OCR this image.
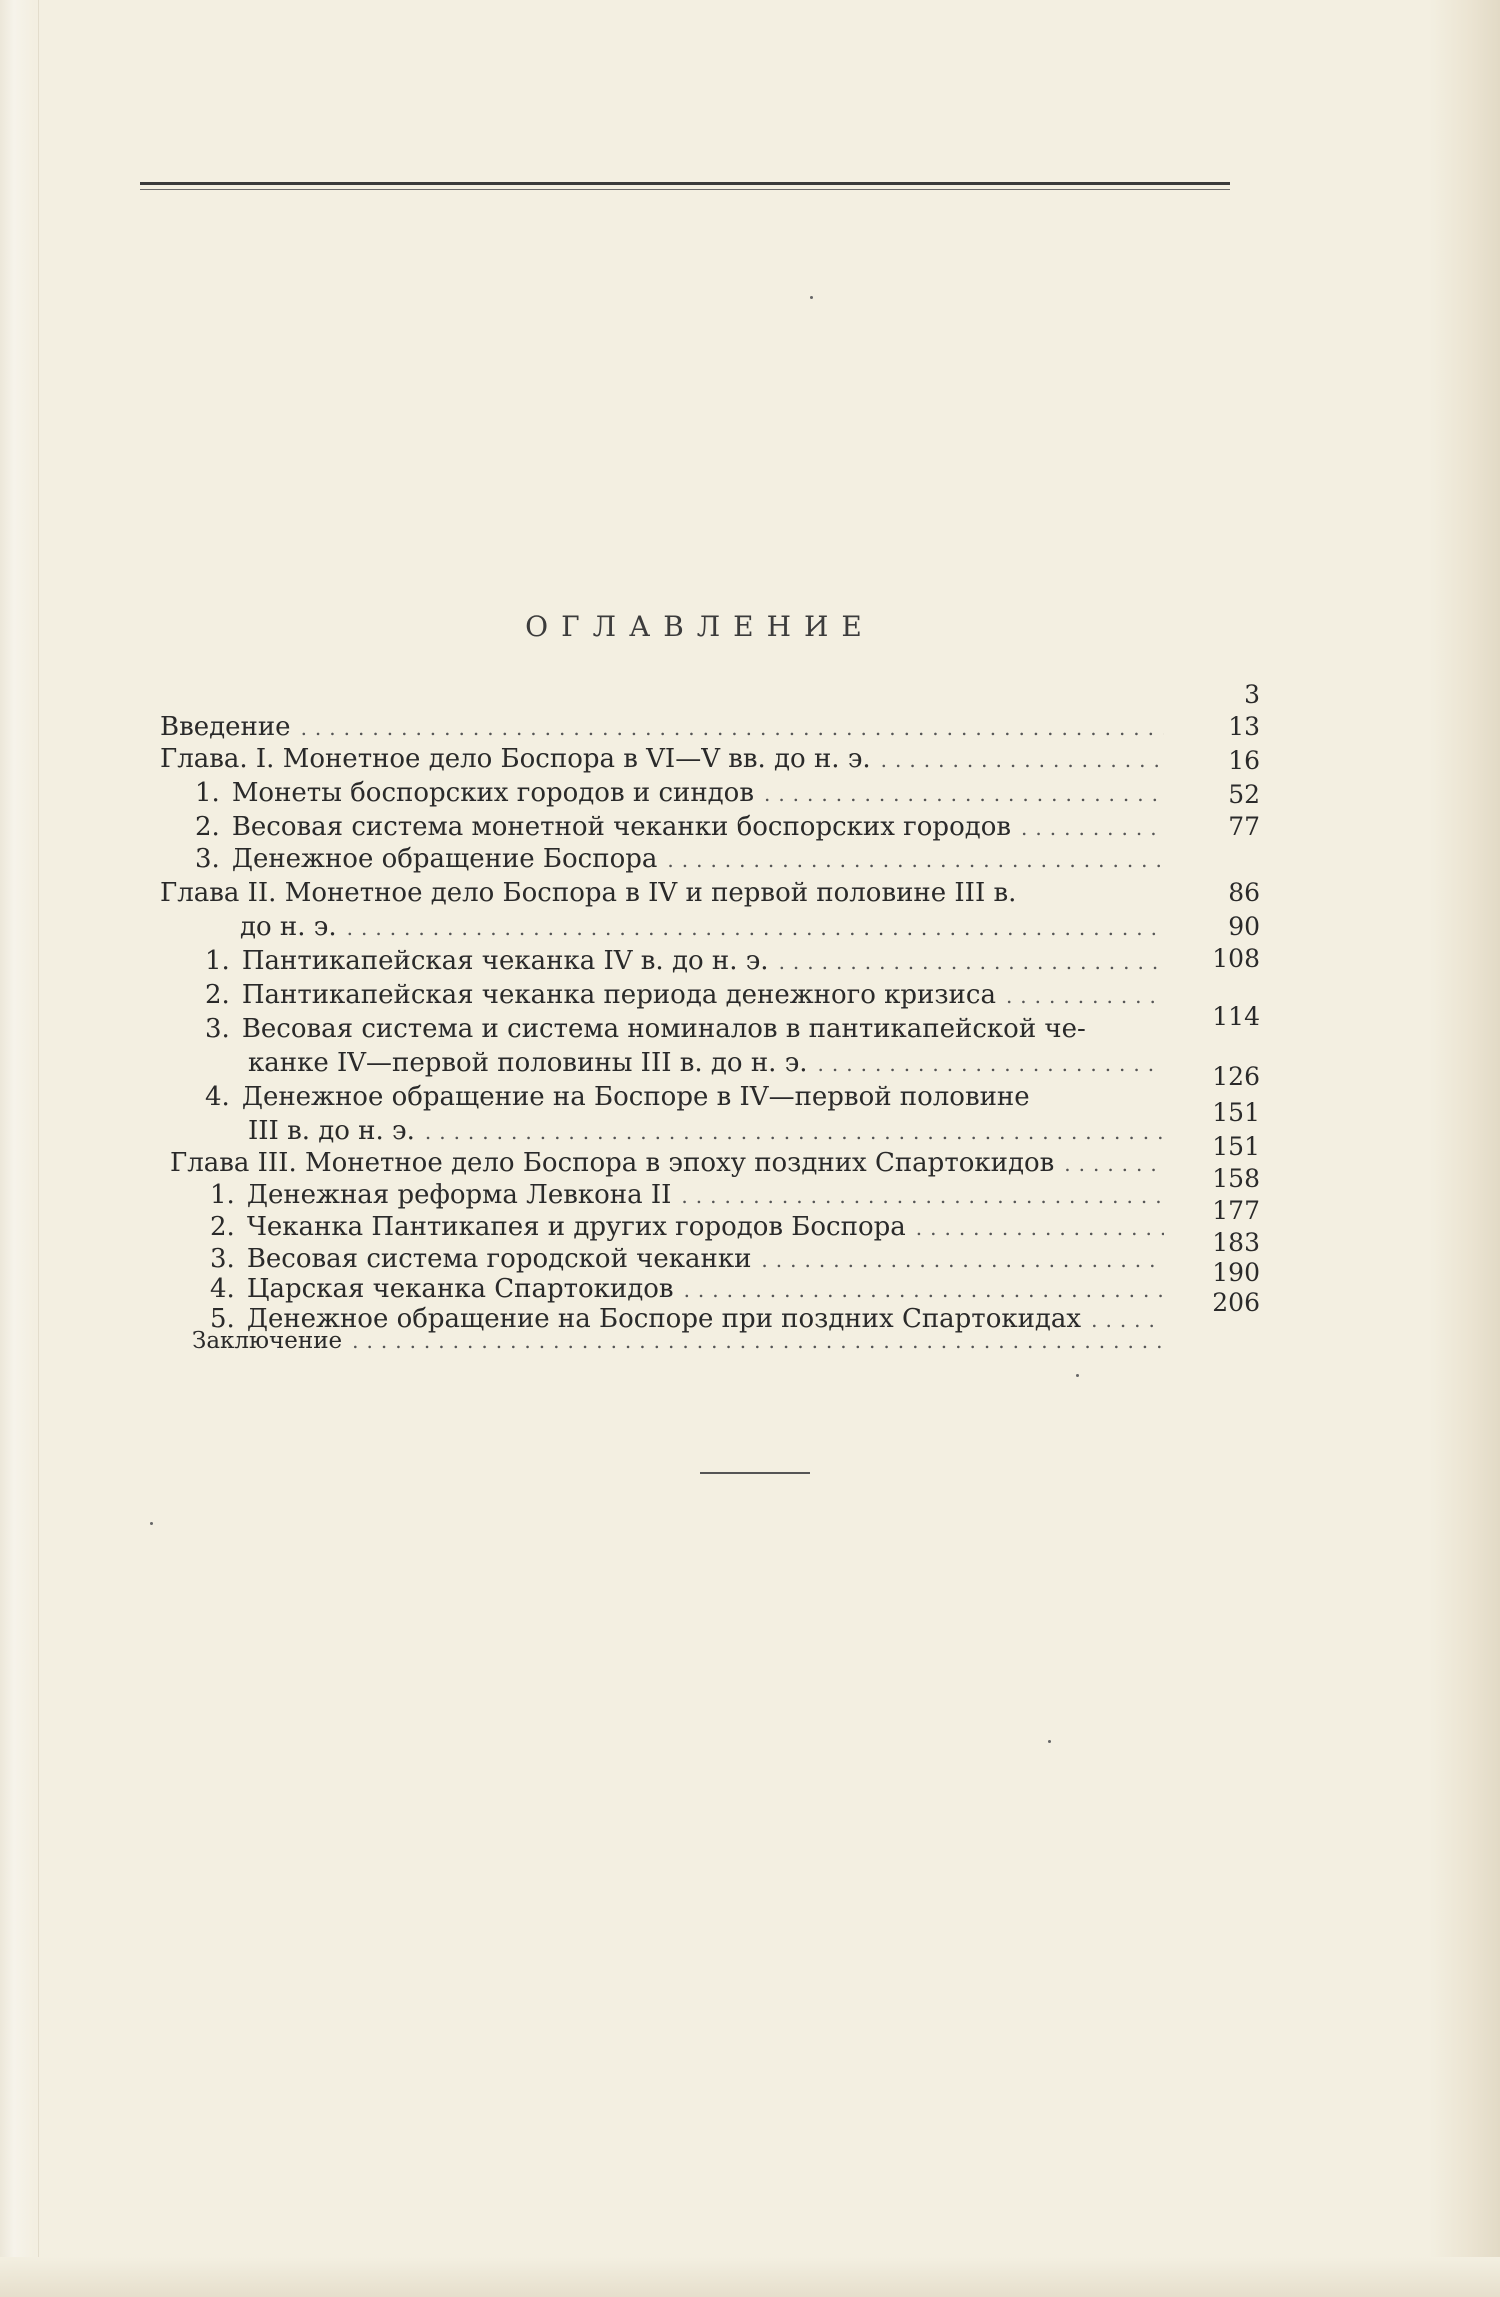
ОГЛАВЛЕНИЕ
Введение
.....
3
Глава. I. Монетное дело Боспора в VI—V вв. до н. э.
.....
13
1. Монеты боспорских городов и синдов
.....
16
2. Весовая система монетной чеканки боспорских городов
.....
52
3. Денежное обращение Боспора
.....
77
Глава II. Монетное дело Боспора в IV и первой половине III в.
до н. э.
.....
86
1. Пантикапейская чеканка IV в. до н. э.
.....
90
2. Пантикапейская чеканка периода денежного кризиса
.....
108
3. Весовая система и система номиналов в пантикапейской че-
канке IV—первой половины III в. до н. э.
.....
114
4. Денежное обращение на Боспоре в IV—первой половине
III в. до н. э.
.....
126
Глава III. Монетное дело Боспора в эпоху поздних Спартокидов
.....
151
1. Денежная реформа Левкона II
.....
151
2. Чеканка Пантикапея и других городов Боспора
.....
158
3. Весовая система городской чеканки
.....
177
4. Царская чеканка Спартокидов
.....
183
5. Денежное обращение на Боспоре при поздних Спартокидах
.....
190
Заключение
.....
206
